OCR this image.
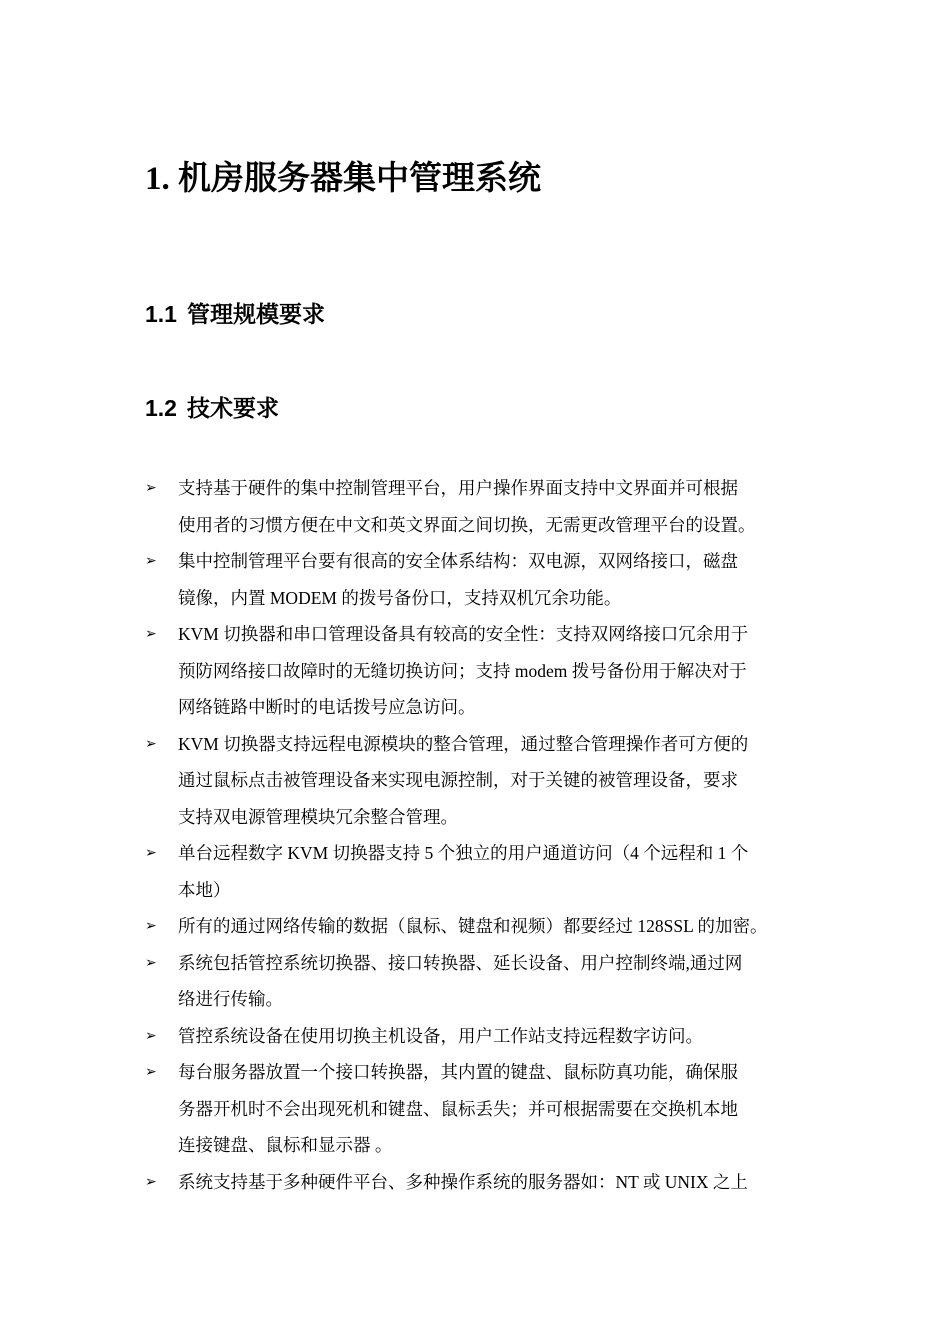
1. 机房服务器集中管理系统
1.1 管理规模要求
1.2 技术要求
➢ 支持基于硬件的集中控制管理平台，用户操作界面支持中文界面并可根据
使用者的习惯方便在中文和英文界面之间切换，无需更改管理平台的设置。
➢ 集中控制管理平台要有很高的安全体系结构：双电源，双网络接口，磁盘
镜像，内置 MODEM 的拨号备份口，支持双机冗余功能。
➢ KVM 切换器和串口管理设备具有较高的安全性：支持双网络接口冗余用于
预防网络接口故障时的无缝切换访问；支持 modem 拨号备份用于解决对于
网络链路中断时的电话拨号应急访问。
➢ KVM 切换器支持远程电源模块的整合管理，通过整合管理操作者可方便的
通过鼠标点击被管理设备来实现电源控制，对于关键的被管理设备，要求
支持双电源管理模块冗余整合管理。
➢ 单台远程数字 KVM 切换器支持 5 个独立的用户通道访问（4 个远程和 1 个
本地）
➢ 所有的通过网络传输的数据（鼠标、键盘和视频）都要经过 128SSL 的加密。
➢ 系统包括管控系统切换器、接口转换器、延长设备、用户控制终端,通过网
络进行传输。
➢ 管控系统设备在使用切换主机设备，用户工作站支持远程数字访问。
➢ 每台服务器放置一个接口转换器，其内置的键盘、鼠标防真功能，确保服
务器开机时不会出现死机和键盘、鼠标丢失；并可根据需要在交换机本地
连接键盘、鼠标和显示器 。
➢ 系统支持基于多种硬件平台、多种操作系统的服务器如：NT 或 UNIX 之上
